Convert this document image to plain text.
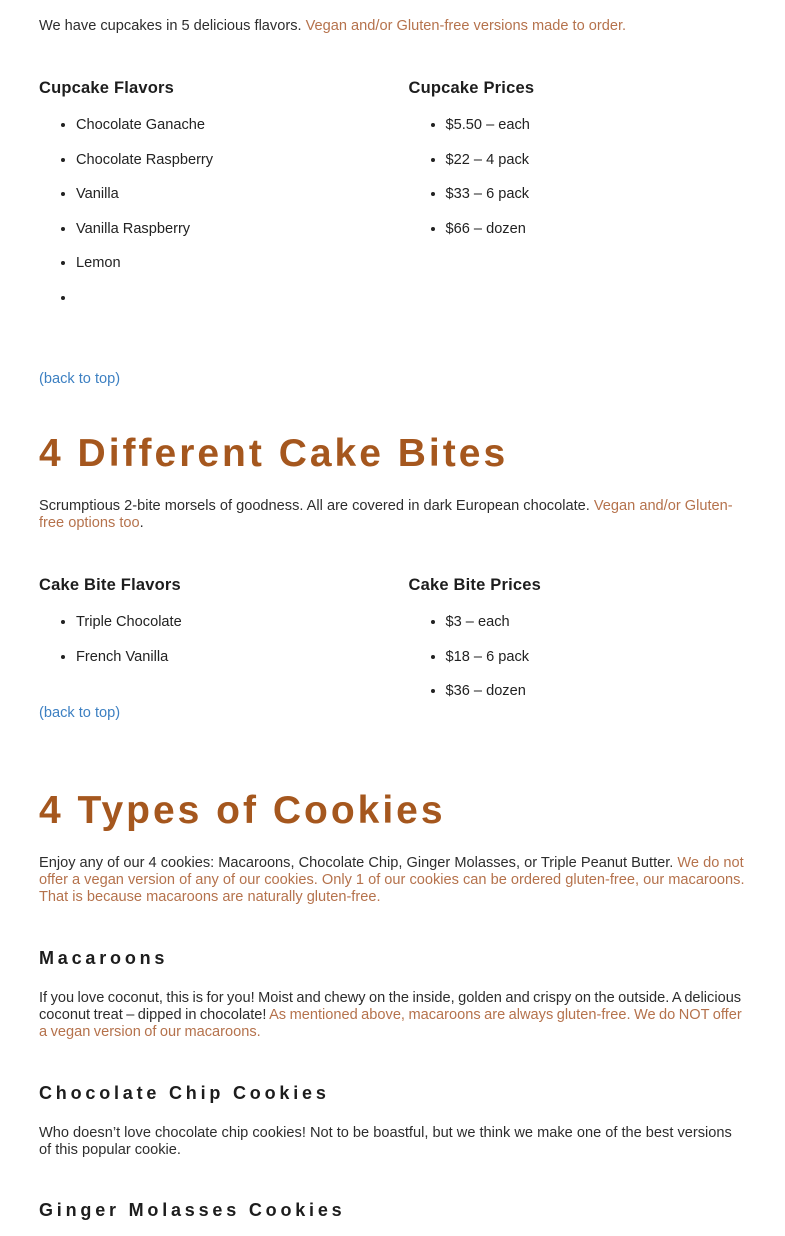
We have cupcakes in 5 delicious flavors. Vegan and/or Gluten-free versions made to order.

Cupcake Flavors

• Chocolate Ganache
• Chocolate Raspberry
• Vanilla
• Vanilla Raspberry
• Lemon
•

Cupcake Prices

• $5.50 – each
• $22 – 4 pack
• $33 – 6 pack
• $66 – dozen

(back to top)

4 Different Cake Bites

Scrumptious 2-bite morsels of goodness. All are covered in dark European chocolate. Vegan and/or Gluten-free options too.

Cake Bite Flavors

• Triple Chocolate
• French Vanilla

Cake Bite Prices

• $3 – each
• $18 – 6 pack
• $36 – dozen

(back to top)

4 Types of Cookies

Enjoy any of our 4 cookies: Macaroons, Chocolate Chip, Ginger Molasses, or Triple Peanut Butter. We do not offer a vegan version of any of our cookies. Only 1 of our cookies can be ordered gluten-free, our macaroons. That is because macaroons are naturally gluten-free.

Macaroons

If you love coconut, this is for you! Moist and chewy on the inside, golden and crispy on the outside. A delicious coconut treat – dipped in chocolate! As mentioned above, macaroons are always gluten-free. We do NOT offer a vegan version of our macaroons.

Chocolate Chip Cookies

Who doesn’t love chocolate chip cookies! Not to be boastful, but we think we make one of the best versions of this popular cookie.

Ginger Molasses Cookies
